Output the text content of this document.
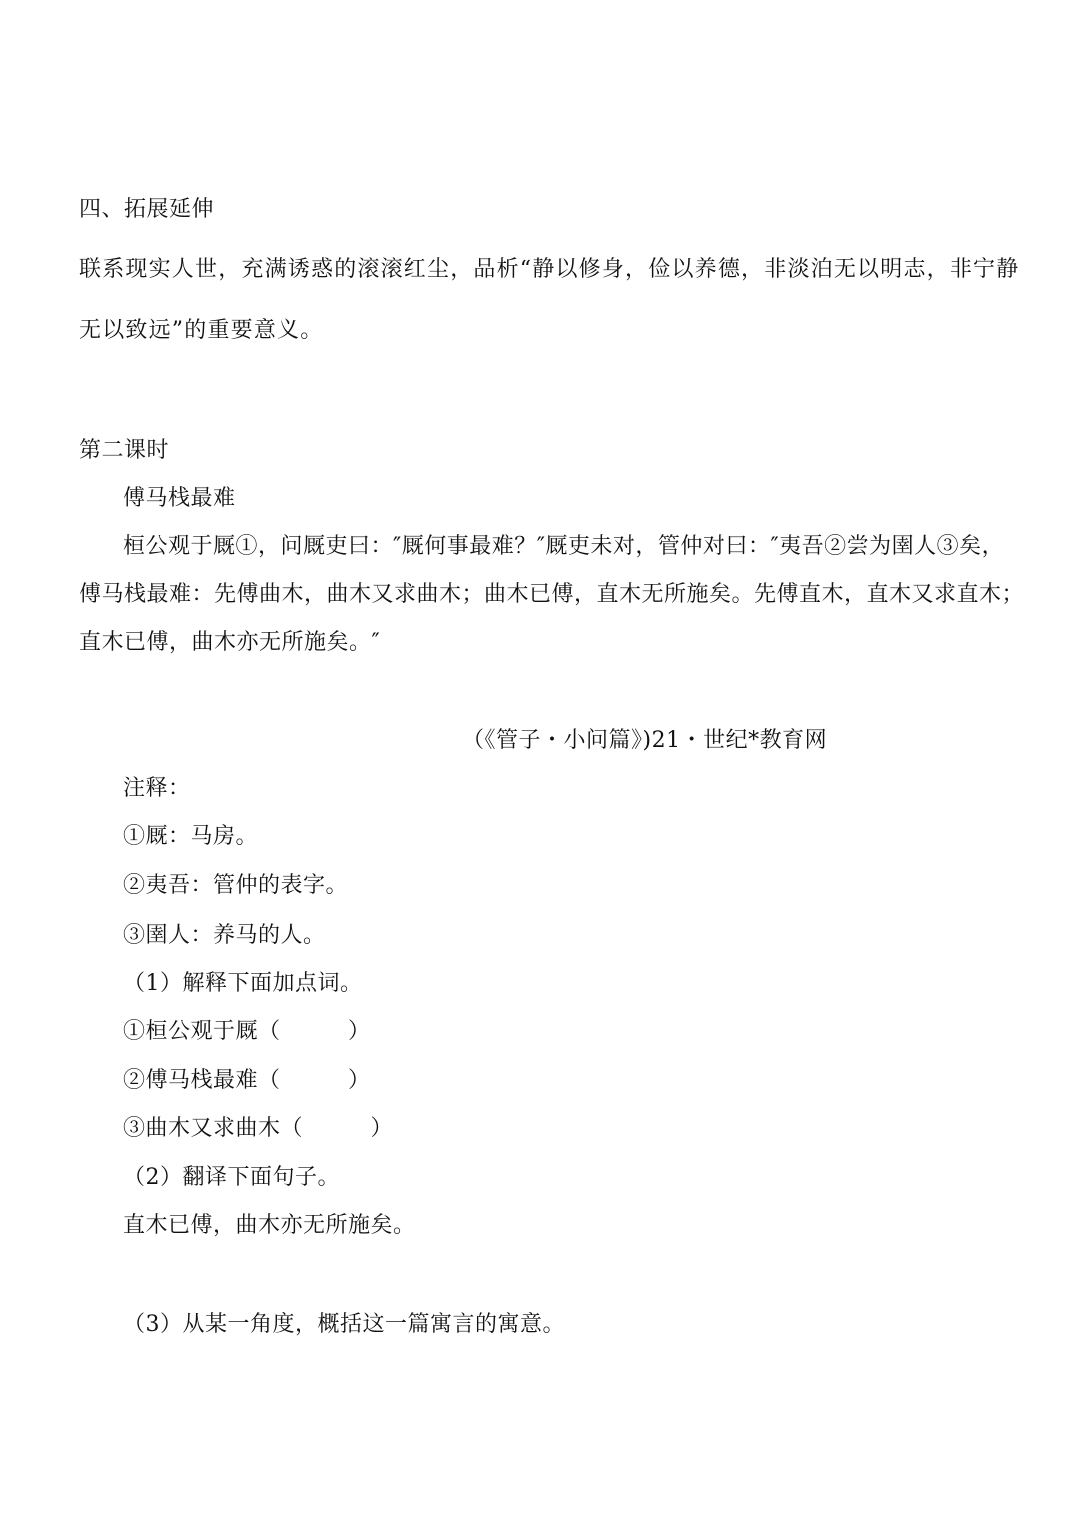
四、拓展延伸
联系现实人世，充满诱惑的滚滚红尘，品析“静以修身，俭以养德，非淡泊无以明志，非宁静
无以致远”的重要意义。
第二课时
傅马栈最难
桓公观于厩①，问厩吏曰：″厩何事最难？″厩吏未对，管仲对曰：″夷吾②尝为圉人③矣，
傅马栈最难：先傅曲木，曲木又求曲木；曲木已傅，直木无所施矣。先傅直木，直木又求直木；
直木已傅，曲木亦无所施矣。″
（《管子・小问篇》)21・世纪*教育网
注释：
①厩：马房。
②夷吾：管仲的表字。
③圉人：养马的人。
（1）解释下面加点词。
①桓公观于厩（　　　）
②傅马栈最难（　　　）
③曲木又求曲木（　　　）
（2）翻译下面句子。
直木已傅，曲木亦无所施矣。
（3）从某一角度，概括这一篇寓言的寓意。
